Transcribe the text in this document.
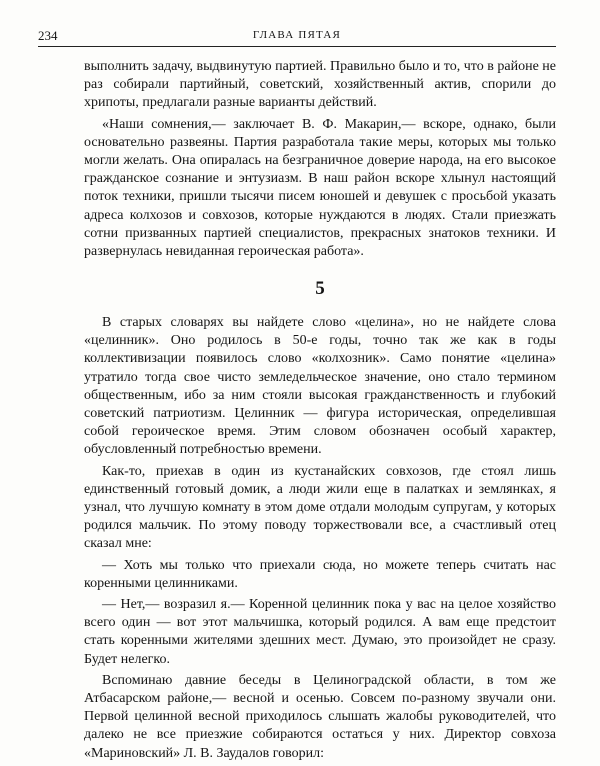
234	ГЛАВА ПЯТАЯ

выполнить задачу, выдвинутую партией. Правильно было и то, что в районе не раз собирали партийный, советский, хозяйственный актив, спорили до хрипоты, предлагали разные варианты действий.

«Наши сомнения,— заключает В. Ф. Макарин,— вскоре, однако, были основательно развеяны. Партия разработала такие меры, которых мы только могли желать. Она опиралась на безграничное доверие народа, на его высокое гражданское сознание и энтузиазм. В наш район вскоре хлынул настоящий поток техники, пришли тысячи писем юношей и девушек с просьбой указать адреса колхозов и совхозов, которые нуждаются в людях. Стали приезжать сотни призванных партией специалистов, прекрасных знатоков техники. И развернулась невиданная героическая работа».

5

В старых словарях вы найдете слово «целина», но не найдете слова «целинник». Оно родилось в 50-е годы, точно так же как в годы коллективизации появилось слово «колхозник». Само понятие «целина» утратило тогда свое чисто земледельческое значение, оно стало термином общественным, ибо за ним стояли высокая гражданственность и глубокий советский патриотизм. Целинник — фигура историческая, определившая собой героическое время. Этим словом обозначен особый характер, обусловленный потребностью времени.

Как-то, приехав в один из кустанайских совхозов, где стоял лишь единственный готовый домик, а люди жили еще в палатках и землянках, я узнал, что лучшую комнату в этом доме отдали молодым супругам, у которых родился мальчик. По этому поводу торжествовали все, а счастливый отец сказал мне:

— Хоть мы только что приехали сюда, но можете теперь считать нас коренными целинниками.

— Нет,— возразил я.— Коренной целинник пока у вас на целое хозяйство всего один — вот этот мальчишка, который родился. А вам еще предстоит стать коренными жителями здешних мест. Думаю, это произойдет не сразу. Будет нелегко.

Вспоминаю давние беседы в Целиноградской области, в том же Атбасарском районе,— весной и осенью. Совсем по-разному звучали они. Первой целинной весной приходилось слышать жалобы руководителей, что далеко не все приезжие собираются остаться у них. Директор совхоза «Мариновский» Л. В. Заудалов говорил:
